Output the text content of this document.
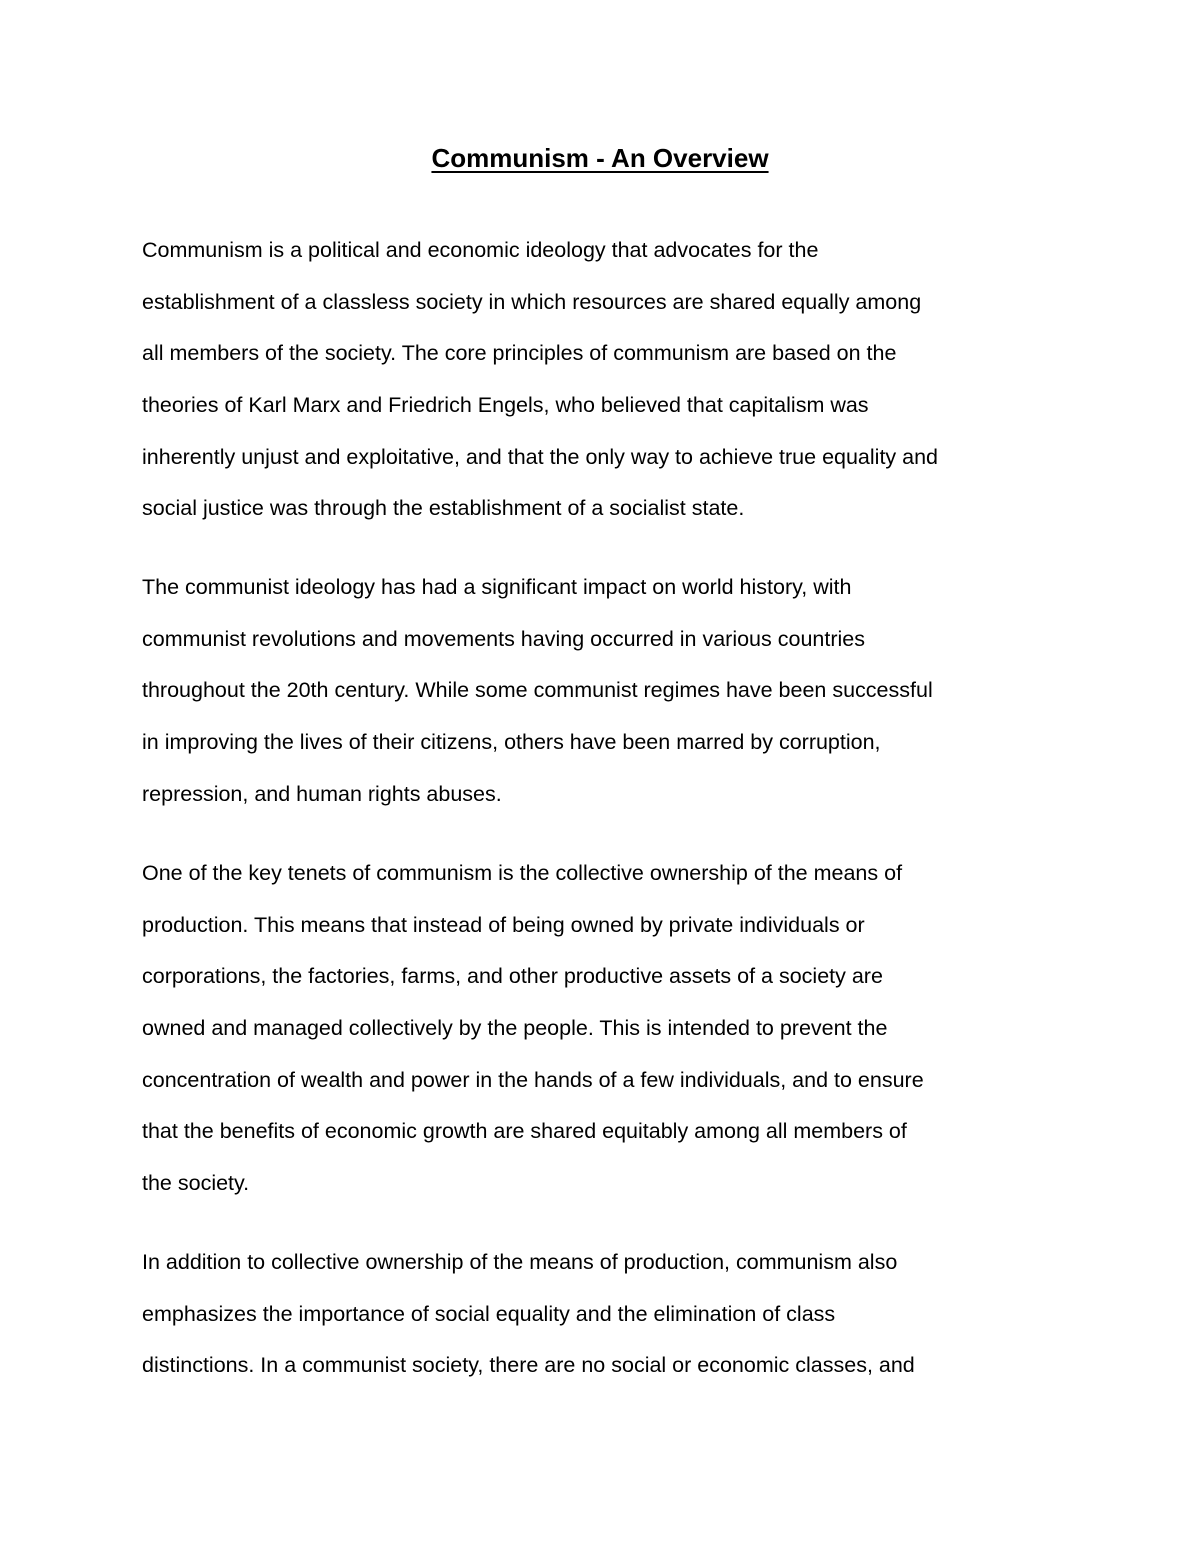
Communism - An Overview
Communism is a political and economic ideology that advocates for the
establishment of a classless society in which resources are shared equally among
all members of the society. The core principles of communism are based on the
theories of Karl Marx and Friedrich Engels, who believed that capitalism was
inherently unjust and exploitative, and that the only way to achieve true equality and
social justice was through the establishment of a socialist state.
The communist ideology has had a significant impact on world history, with
communist revolutions and movements having occurred in various countries
throughout the 20th century. While some communist regimes have been successful
in improving the lives of their citizens, others have been marred by corruption,
repression, and human rights abuses.
One of the key tenets of communism is the collective ownership of the means of
production. This means that instead of being owned by private individuals or
corporations, the factories, farms, and other productive assets of a society are
owned and managed collectively by the people. This is intended to prevent the
concentration of wealth and power in the hands of a few individuals, and to ensure
that the benefits of economic growth are shared equitably among all members of
the society.
In addition to collective ownership of the means of production, communism also
emphasizes the importance of social equality and the elimination of class
distinctions. In a communist society, there are no social or economic classes, and
